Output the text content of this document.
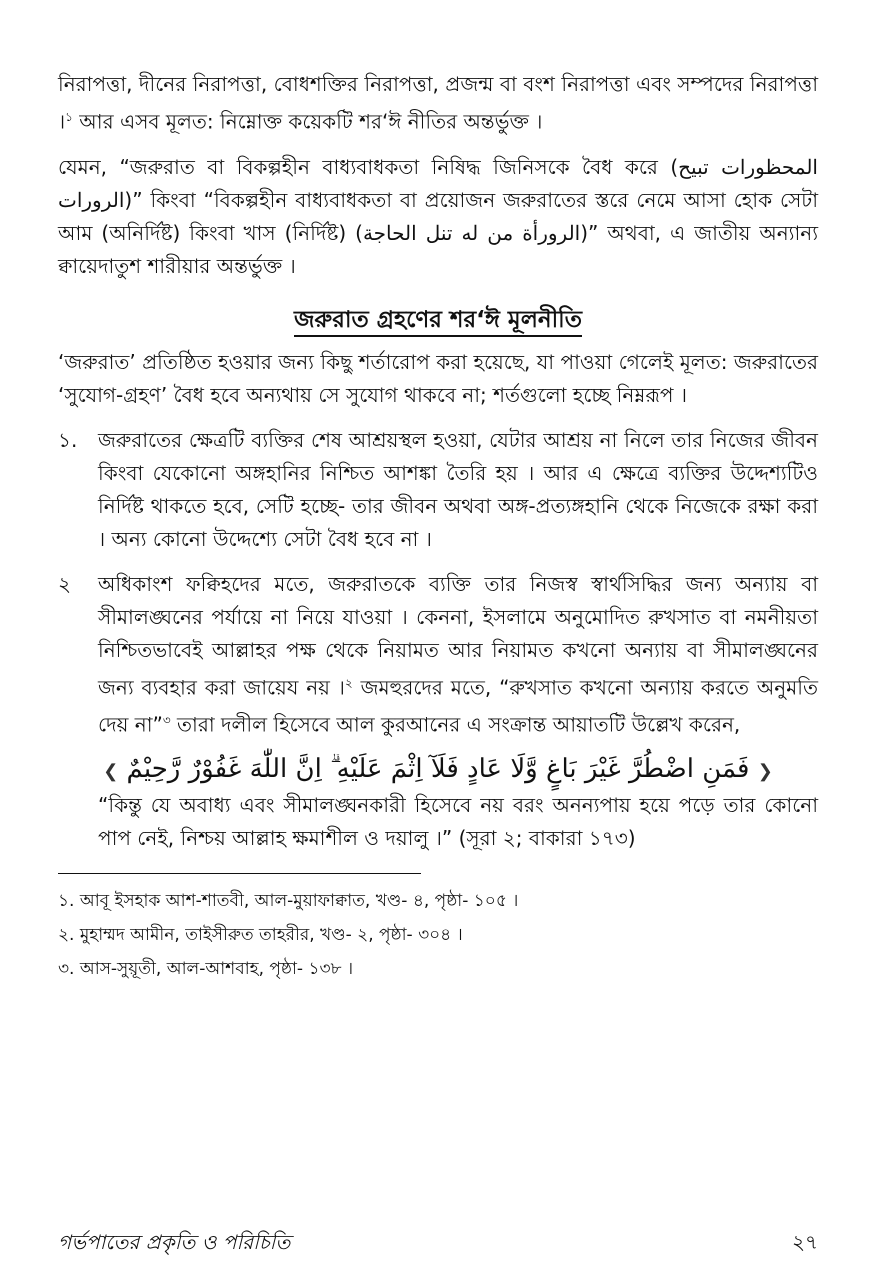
নিরাপত্তা, দীনের নিরাপত্তা, বোধশক্তির নিরাপত্তা, প্রজন্ম বা বংশ নিরাপত্তা এবং সম্পদের নিরাপত্তা ।$^১$ আর এসব মূলত: নিম্নোক্ত কয়েকটি শর‘ঈ নীতির অন্তর্ভুক্ত ।

যেমন, “জরুরাত বা বিকল্পহীন বাধ্যবাধকতা নিষিদ্ধ জিনিসকে বৈধ করে (المحظورات تبيح الرورات)” কিংবা “বিকল্পহীন বাধ্যবাধকতা বা প্রয়োজন জরুরাতের স্তরে নেমে আসা হোক সেটা আম (অনির্দিষ্ট) কিংবা খাস (নির্দিষ্ট) (الرورأة من له تنل الحاجة)” অথবা, এ জাতীয় অন্যান্য ক্বায়েদাতুশ শারীয়ার অন্তর্ভুক্ত ।

জরুরাত গ্রহণের শর‘ঈ মূলনীতি

‘জরুরাত’ প্রতিষ্ঠিত হওয়ার জন্য কিছু শর্তারোপ করা হয়েছে, যা পাওয়া গেলেই মূলত: জরুরাতের ‘সুযোগ-গ্রহণ’ বৈধ হবে অন্যথায় সে সুযোগ থাকবে না; শর্তগুলো হচ্ছে নিম্নরূপ ।

১. জরুরাতের ক্ষেত্রটি ব্যক্তির শেষ আশ্রয়স্থল হওয়া, যেটার আশ্রয় না নিলে তার নিজের জীবন কিংবা যেকোনো অঙ্গহানির নিশ্চিত আশঙ্কা তৈরি হয় । আর এ ক্ষেত্রে ব্যক্তির উদ্দেশ্যটিও নির্দিষ্ট থাকতে হবে, সেটি হচ্ছে- তার জীবন অথবা অঙ্গ-প্রত্যঙ্গহানি থেকে নিজেকে রক্ষা করা । অন্য কোনো উদ্দেশ্যে সেটা বৈধ হবে না ।

২ অধিকাংশ ফক্বিহদের মতে, জরুরাতকে ব্যক্তি তার নিজস্ব স্বার্থসিদ্ধির জন্য অন্যায় বা সীমালঙ্ঘনের পর্যায়ে না নিয়ে যাওয়া । কেননা, ইসলামে অনুমোদিত রুখসাত বা নমনীয়তা নিশ্চিতভাবেই আল্লাহর পক্ষ থেকে নিয়ামত আর নিয়ামত কখনো অন্যায় বা সীমালঙ্ঘনের জন্য ব্যবহার করা জায়েয নয় ।$^২$ জমহুরদের মতে, “রুখসাত কখনো অন্যায় করতে অনুমতি দেয় না”$^৩$ তারা দলীল হিসেবে আল কুরআনের এ সংক্রান্ত আয়াতটি উল্লেখ করেন,

❮ فَمَنِ اضْطُرَّ غَيْرَ بَاغٍ وَّلَا عَادٍ فَلَآ اِثْمَ عَلَيْهِ ۗ اِنَّ اللّٰهَ غَفُوْرٌ رَّحِيْمٌ ❯

“কিন্তু যে অবাধ্য এবং সীমালঙ্ঘনকারী হিসেবে নয় বরং অনন্যপায় হয়ে পড়ে তার কোনো পাপ নেই, নিশ্চয় আল্লাহ ক্ষমাশীল ও দয়ালু ।” (সূরা ২; বাকারা ১৭৩)

১. আবূ ইসহাক আশ-শাতবী, আল-মুয়াফাক্বাত, খণ্ড- ৪, পৃষ্ঠা- ১০৫ ।
২. মুহাম্মদ আমীন, তাইসীরুত তাহরীর, খণ্ড- ২, পৃষ্ঠা- ৩০৪ ।
৩. আস-সুয়ূতী, আল-আশবাহ, পৃষ্ঠা- ১৩৮ ।
গর্ভপাতের প্রকৃতি ও পরিচিতি	২৭
